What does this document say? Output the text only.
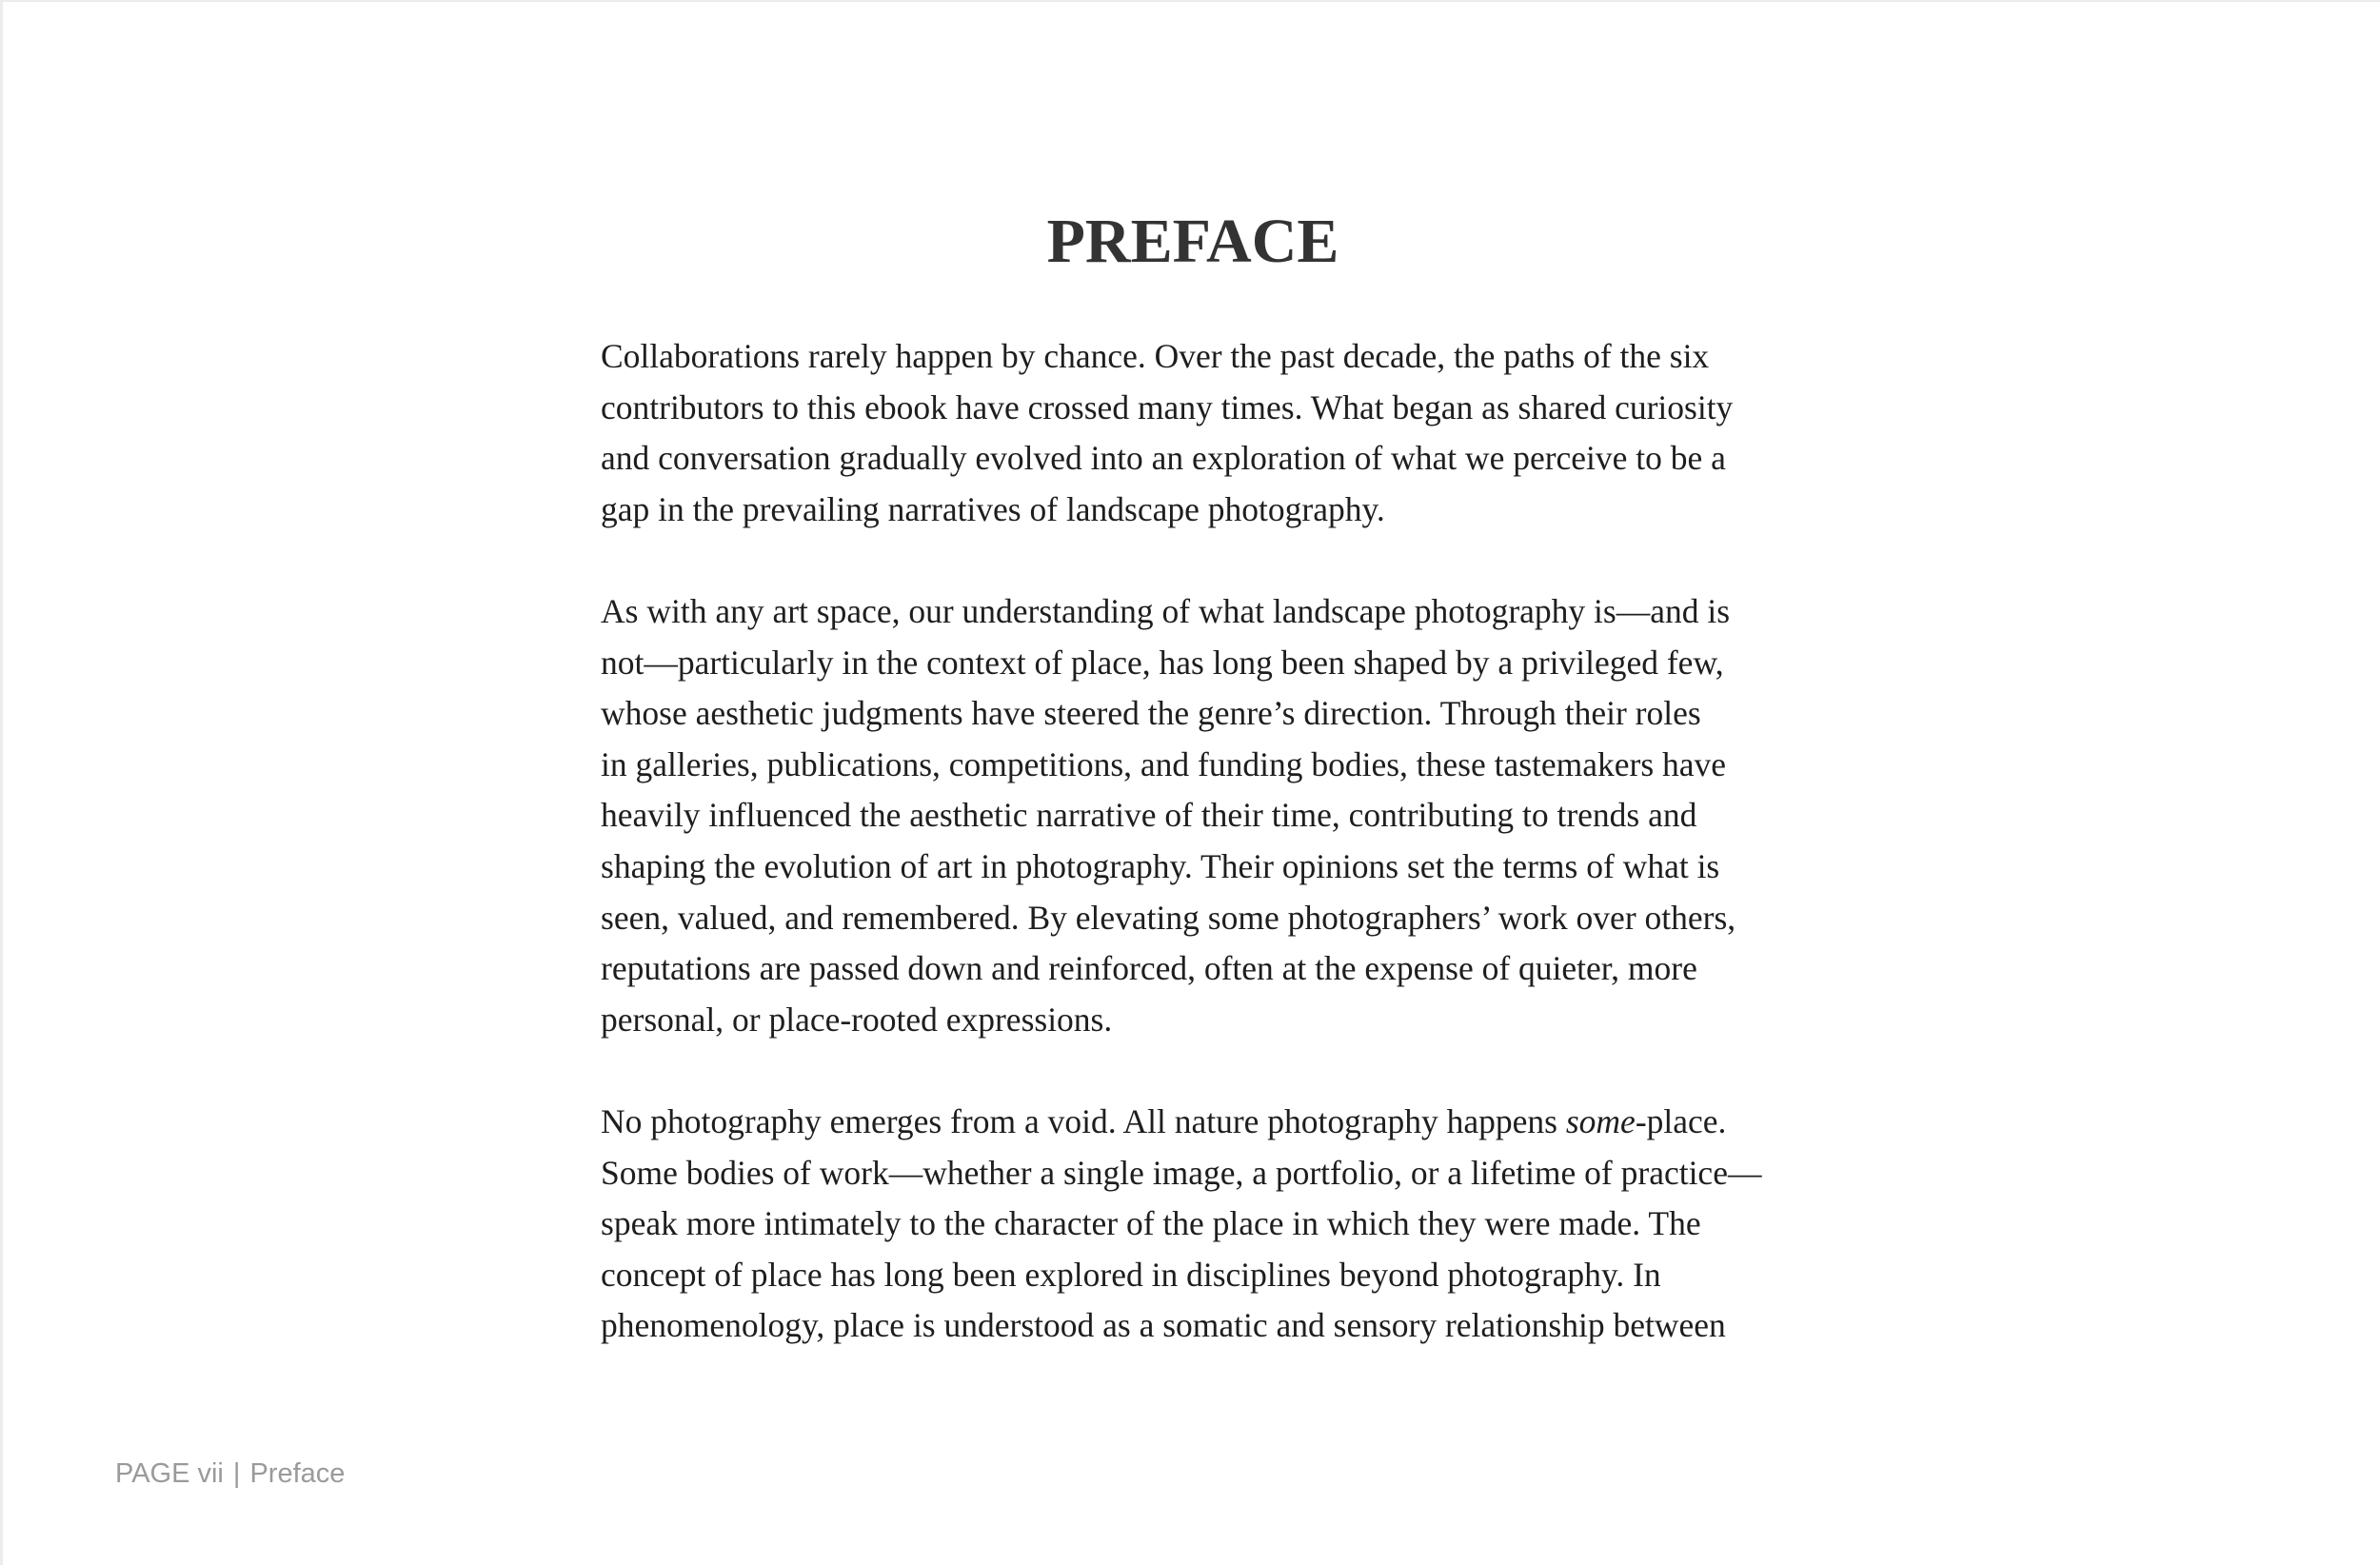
PREFACE

Collaborations rarely happen by chance. Over the past decade, the paths of the six
contributors to this ebook have crossed many times. What began as shared curiosity
and conversation gradually evolved into an exploration of what we perceive to be a
gap in the prevailing narratives of landscape photography.

As with any art space, our understanding of what landscape photography is—and is
not—particularly in the context of place, has long been shaped by a privileged few,
whose aesthetic judgments have steered the genre’s direction. Through their roles
in galleries, publications, competitions, and funding bodies, these tastemakers have
heavily influenced the aesthetic narrative of their time, contributing to trends and
shaping the evolution of art in photography. Their opinions set the terms of what is
seen, valued, and remembered. By elevating some photographers’ work over others,
reputations are passed down and reinforced, often at the expense of quieter, more
personal, or place-rooted expressions.

No photography emerges from a void. All nature photography happens some-place.
Some bodies of work—whether a single image, a portfolio, or a lifetime of practice—
speak more intimately to the character of the place in which they were made. The
concept of place has long been explored in disciplines beyond photography. In
phenomenology, place is understood as a somatic and sensory relationship between

PAGE vii | Preface
